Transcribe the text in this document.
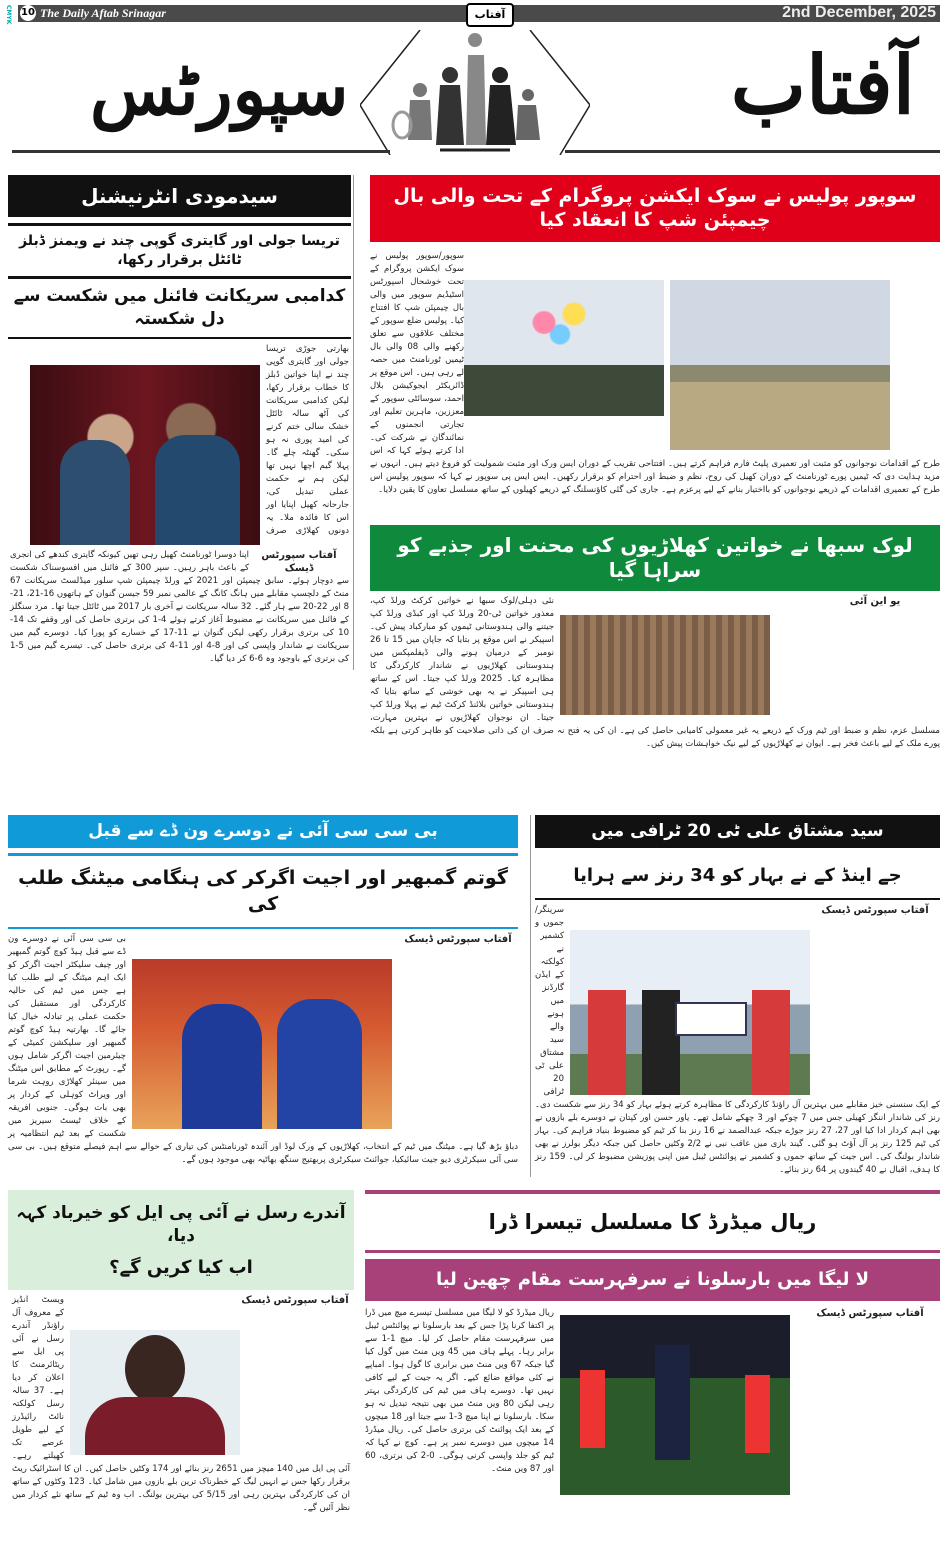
CMYK 10 The Daily Aftab Srinagar	آفتاب	2nd December, 2025
آفتاب
سپورٹس
سیدمودی انٹرنیشنل
تریسا جولی اور گایتری گوپی چند نے ویمنز ڈبلز ٹائٹل برقرار رکھا،
کدامبی سریکانت فائنل میں شکست سے دل شکستہ
آفتاب سپورٹس ڈیسک
بھارتی جوڑی تریسا جولی اور گایتری گوپی چند نے اپنا خواتین ڈبلز کا خطاب برقرار رکھا، لیکن کدامبی سریکانت کی آٹھ سالہ ٹائٹل خشک سالی ختم کرنے کی امید پوری نہ ہو سکی۔ گھنٹہ چلے گا۔ پہلا گیم اچھا نہیں تھا لیکن ہم نے حکمت عملی تبدیل کی، جارحانہ کھیل اپنایا اور اس کا فائدہ ملا۔ یہ دونوں کھلاڑی صرف اپنا دوسرا ٹورنامنٹ کھیل رہی تھیں کیونکہ گایتری کندھے کی انجری کے باعث باہر رہیں۔ سپر 300 کے فائنل میں افسوسناک شکست سے دوچار ہوئے۔ سابق چیمپئن اور 2021 کے ورلڈ چیمپئن شپ سلور میڈلسٹ سریکانت 67 منٹ کے دلچسپ مقابلے میں ہانگ کانگ کے عالمی نمبر 59 جیسن گنوان کے ہاتھوں 16-21، 21-8 اور 22-20 سے ہار گئے۔ 32 سالہ سریکانت نے آخری بار 2017 میں ٹائٹل جیتا تھا۔ مرد سنگلز کے فائنل میں سریکانت نے مضبوط آغاز کرتے ہوئے 4-1 کی برتری حاصل کی اور وقفے تک 14-10 کی برتری برقرار رکھی لیکن گنوان نے 11-17 کے خسارے کو پورا کیا۔ دوسرے گیم میں سریکانت نے شاندار واپسی کی اور 8-4 اور 11-4 کی برتری حاصل کی۔ تیسرے گیم میں 5-1 کی برتری کے باوجود وہ 6-6 کر دیا گیا۔
سوپور پولیس نے سوک ایکشن پروگرام کے تحت والی بال چیمپئن شپ کا انعقاد کیا
سوپور/سوپور پولیس نے سوک ایکشن پروگرام کے تحت خوشحال اسپورٹس اسٹیڈیم سوپور میں والی بال چیمپئن شپ کا افتتاح کیا۔ پولیس ضلع سوپور کے مختلف علاقوں سے تعلق رکھنے والی 08 والی بال ٹیمیں ٹورنامنٹ میں حصہ لے رہی ہیں۔ اس موقع پر ڈائریکٹر ایجوکیشن بلال احمد، سوسائٹی سوپور کے معززین، ماہرین تعلیم اور تجارتی انجمنوں کے نمائندگان نے شرکت کی۔ ادا کرتے ہوئے کہا کہ اس طرح کے اقدامات نوجوانوں کو مثبت اور تعمیری پلیٹ فارم فراہم کرتے ہیں۔ افتتاحی تقریب کے دوران ایس ورک اور مثبت شمولیت کو فروغ دیتے ہیں۔ انہوں نے مزید ہدایت دی کہ ٹیمیں پورے ٹورنامنٹ کے دوران کھیل کی روح، نظم و ضبط اور احترام کو برقرار رکھیں۔ ایس ایس پی سوپور نے کہا کہ سوپور پولیس اس طرح کے تعمیری اقدامات کے ذریعے نوجوانوں کو بااختیار بنانے کے لیے پرعزم ہے۔ جاری کی گئی کاؤنسلنگ کے ذریعے کھیلوں کے ساتھ مسلسل تعاون کا یقین دلایا۔
لوک سبھا نے خواتین کھلاڑیوں کی محنت اور جذبے کو سراہا گیا
یو این آئی
نئی دہلی/لوک سبھا نے خواتین کرکٹ ورلڈ کپ، معذور خواتین ٹی-20 ورلڈ کپ اور کبڈی ورلڈ کپ جیتنے والی ہندوستانی ٹیموں کو مبارکباد پیش کی۔ اسپیکر نے اس موقع پر بتایا کہ جاپان میں 15 تا 26 نومبر کے درمیان ہونے والی ڈیفلمپکس میں ہندوستانی کھلاڑیوں نے شاندار کارکردگی کا مظاہرہ کیا۔ 2025 ورلڈ کپ جیتا۔ اس کے ساتھ ہی اسپیکر نے یہ بھی خوشی کے ساتھ بتایا کہ ہندوستانی خواتین بلائنڈ کرکٹ ٹیم نے پہلا ورلڈ کپ جیتا۔ ان نوجوان کھلاڑیوں نے بہترین مہارت، مسلسل عزم، نظم و ضبط اور ٹیم ورک کے ذریعے یہ غیر معمولی کامیابی حاصل کی ہے۔ ان کی یہ فتح نہ صرف ان کی ذاتی صلاحیت کو ظاہر کرتی ہے بلکہ پورے ملک کے لیے باعث فخر ہے۔ ایوان نے کھلاڑیوں کے لیے نیک خواہشات پیش کیں۔
بی سی سی آئی نے دوسرے ون ڈے سے قبل
گوتم گمبھیر اور اجیت اگرکر کی ہنگامی میٹنگ طلب کی
آفتاب سپورٹس ڈیسک
بی سی سی آئی نے دوسرے ون ڈے سے قبل ہیڈ کوچ گوتم گمبھیر اور چیف سلیکٹر اجیت اگرکر کو ایک اہم میٹنگ کے لیے طلب کیا ہے جس میں ٹیم کی حالیہ کارکردگی اور مستقبل کی حکمت عملی پر تبادلہ خیال کیا جائے گا۔ بھارتیہ ہیڈ کوچ گوتم گمبھیر اور سلیکشن کمیٹی کے چیئرمین اجیت اگرکر شامل ہوں گے۔ رپورٹ کے مطابق اس میٹنگ میں سینئر کھلاڑی روہت شرما اور ویراٹ کوہلی کے کردار پر بھی بات ہوگی۔ جنوبی افریقہ کے خلاف ٹیسٹ سیریز میں شکست کے بعد ٹیم انتظامیہ پر دباؤ بڑھ گیا ہے۔ میٹنگ میں ٹیم کے انتخاب، کھلاڑیوں کے ورک لوڈ اور آئندہ ٹورنامنٹس کی تیاری کے حوالے سے اہم فیصلے متوقع ہیں۔ بی سی سی آئی سیکرٹری دیو جیت سائیکیا، جوائنٹ سیکرٹری پربھتیج سنگھ بھاٹیہ بھی موجود ہوں گے۔
سید مشتاق علی ٹی 20 ٹرافی میں
جے اینڈ کے نے بہار کو 34 رنز سے ہرایا
آفتاب سپورٹس ڈیسک
سرینگر/جموں و کشمیر نے کولکتہ کے ایڈن گارڈنز میں ہونے والے سید مشتاق علی ٹی 20 ٹرافی کے ایک سنسنی خیز مقابلے میں بہترین آل راؤنڈ کارکردگی کا مظاہرہ کرتے ہوئے بہار کو 34 رنز سے شکست دی۔ رنز کی شاندار اننگز کھیلی جس میں 7 چوکے اور 3 چھکے شامل تھے۔ یاور حسن اور کپتان نے دوسرے بلے بازوں نے بھی اہم کردار ادا کیا اور 27، 27 رنز جوڑے جبکہ عبدالصمد نے 16 رنز بنا کر ٹیم کو مضبوط بنیاد فراہم کی۔ بہار کی ٹیم 125 رنز پر آل آؤٹ ہو گئی۔ گیند بازی میں عاقب نبی نے 2/2 وکٹیں حاصل کیں جبکہ دیگر بولرز نے بھی شاندار بولنگ کی۔ اس جیت کے ساتھ جموں و کشمیر نے پوائنٹس ٹیبل میں اپنی پوزیشن مضبوط کر لی۔ 159 رنز کا ہدف، اقبال نے 40 گیندوں پر 64 رنز بنائے۔
آندرے رسل نے آئی پی ایل کو خیرباد کہہ دیا،
اب کیا کریں گے؟
آفتاب سپورٹس ڈیسک
ویسٹ انڈیز کے معروف آل راؤنڈر آندرے رسل نے آئی پی ایل سے ریٹائرمنٹ کا اعلان کر دیا ہے۔ 37 سالہ رسل کولکتہ نائٹ رائیڈرز کے لیے طویل عرصے تک کھیلتے رہے۔ آئی پی ایل میں 140 میچز میں 2651 رنز بنائے اور 174 وکٹیں حاصل کیں۔ ان کا اسٹرائیک ریٹ برقرار رکھا جس نے انہیں لیگ کے خطرناک ترین بلے بازوں میں شامل کیا۔ 123 وکٹوں کے ساتھ ان کی کارکردگی بہترین رہی اور 5/15 کی بہترین بولنگ۔ اب وہ ٹیم کے ساتھ نئے کردار میں نظر آئیں گے۔
ریال میڈرڈ کا مسلسل تیسرا ڈرا
لا لیگا میں بارسلونا نے سرفہرست مقام چھین لیا
آفتاب سپورٹس ڈیسک
ریال میڈرڈ کو لا لیگا میں مسلسل تیسرے میچ میں ڈرا پر اکتفا کرنا پڑا جس کے بعد بارسلونا نے پوائنٹس ٹیبل میں سرفہرست مقام حاصل کر لیا۔ میچ 1-1 سے برابر رہا۔ پہلے ہاف میں 45 ویں منٹ میں گول کیا گیا جبکہ 67 ویں منٹ میں برابری کا گول ہوا۔ امباپے نے کئی مواقع ضائع کیے۔ اگر یہ جیت کے لیے کافی نہیں تھا۔ دوسرے ہاف میں ٹیم کی کارکردگی بہتر رہی لیکن 80 ویں منٹ میں بھی نتیجہ تبدیل نہ ہو سکا۔ بارسلونا نے اپنا میچ 3-1 سے جیتا اور 18 میچوں کے بعد ایک پوائنٹ کی برتری حاصل کی۔ ریال میڈرڈ 14 میچوں میں دوسرے نمبر پر ہے۔ کوچ نے کہا کہ ٹیم کو جلد واپسی کرنی ہوگی۔ 0-2 کی برتری، 60 اور 87 ویں منٹ۔
